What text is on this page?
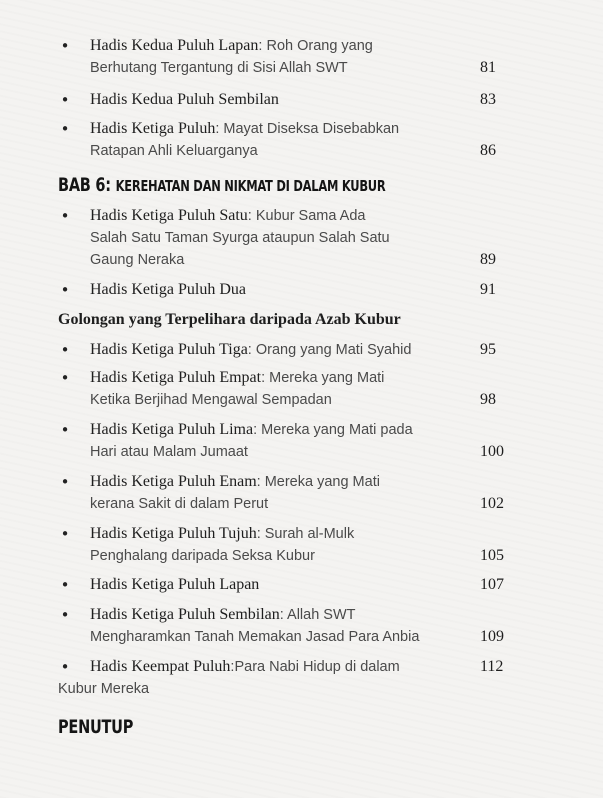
• Hadis Kedua Puluh Lapan: Roh Orang yang
Berhutang Tergantung di Sisi Allah SWT	81
• Hadis Kedua Puluh Sembilan	83
• Hadis Ketiga Puluh: Mayat Diseksa Disebabkan
Ratapan Ahli Keluarganya	86
BAB 6: KEREHATAN DAN NIKMAT DI DALAM KUBUR
• Hadis Ketiga Puluh Satu: Kubur Sama Ada
Salah Satu Taman Syurga ataupun Salah Satu
Gaung Neraka	89
• Hadis Ketiga Puluh Dua	91
Golongan yang Terpelihara daripada Azab Kubur
• Hadis Ketiga Puluh Tiga: Orang yang Mati Syahid	95
• Hadis Ketiga Puluh Empat: Mereka yang Mati
Ketika Berjihad Mengawal Sempadan	98
• Hadis Ketiga Puluh Lima: Mereka yang Mati pada
Hari atau Malam Jumaat	100
• Hadis Ketiga Puluh Enam: Mereka yang Mati
kerana Sakit di dalam Perut	102
• Hadis Ketiga Puluh Tujuh: Surah al-Mulk
Penghalang daripada Seksa Kubur	105
• Hadis Ketiga Puluh Lapan	107
• Hadis Ketiga Puluh Sembilan: Allah SWT
Mengharamkan Tanah Memakan Jasad Para Anbia	109
• Hadis Keempat Puluh:Para Nabi Hidup di dalam
Kubur Mereka
112
PENUTUP
